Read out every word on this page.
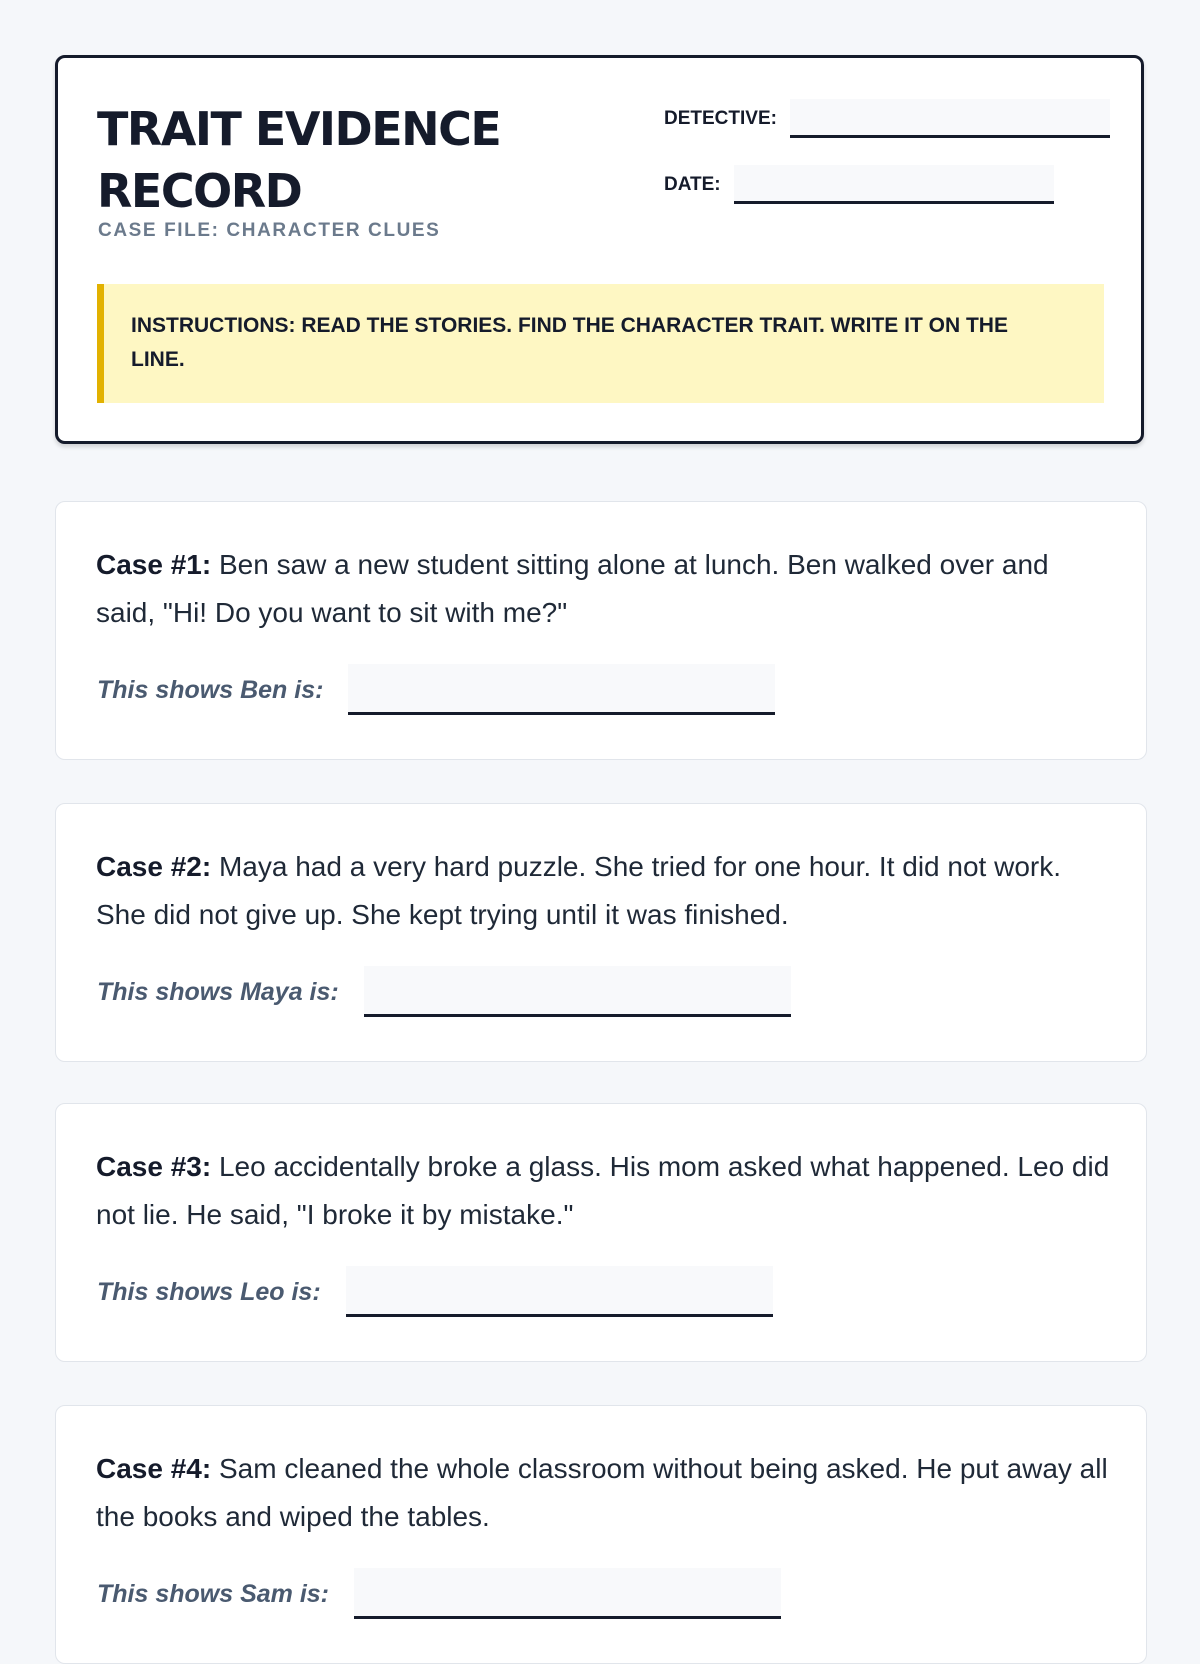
TRAIT EVIDENCE
RECORD
CASE FILE: CHARACTER CLUES
DETECTIVE:
DATE:
INSTRUCTIONS: READ THE STORIES. FIND THE CHARACTER TRAIT. WRITE IT ON THE LINE.

Case #1: Ben saw a new student sitting alone at lunch. Ben walked over and said, "Hi! Do you want to sit with me?"

This shows Ben is:

Case #2: Maya had a very hard puzzle. She tried for one hour. It did not work. She did not give up. She kept trying until it was finished.

This shows Maya is:

Case #3: Leo accidentally broke a glass. His mom asked what happened. Leo did not lie. He said, "I broke it by mistake."

This shows Leo is:

Case #4: Sam cleaned the whole classroom without being asked. He put away all the books and wiped the tables.

This shows Sam is:
